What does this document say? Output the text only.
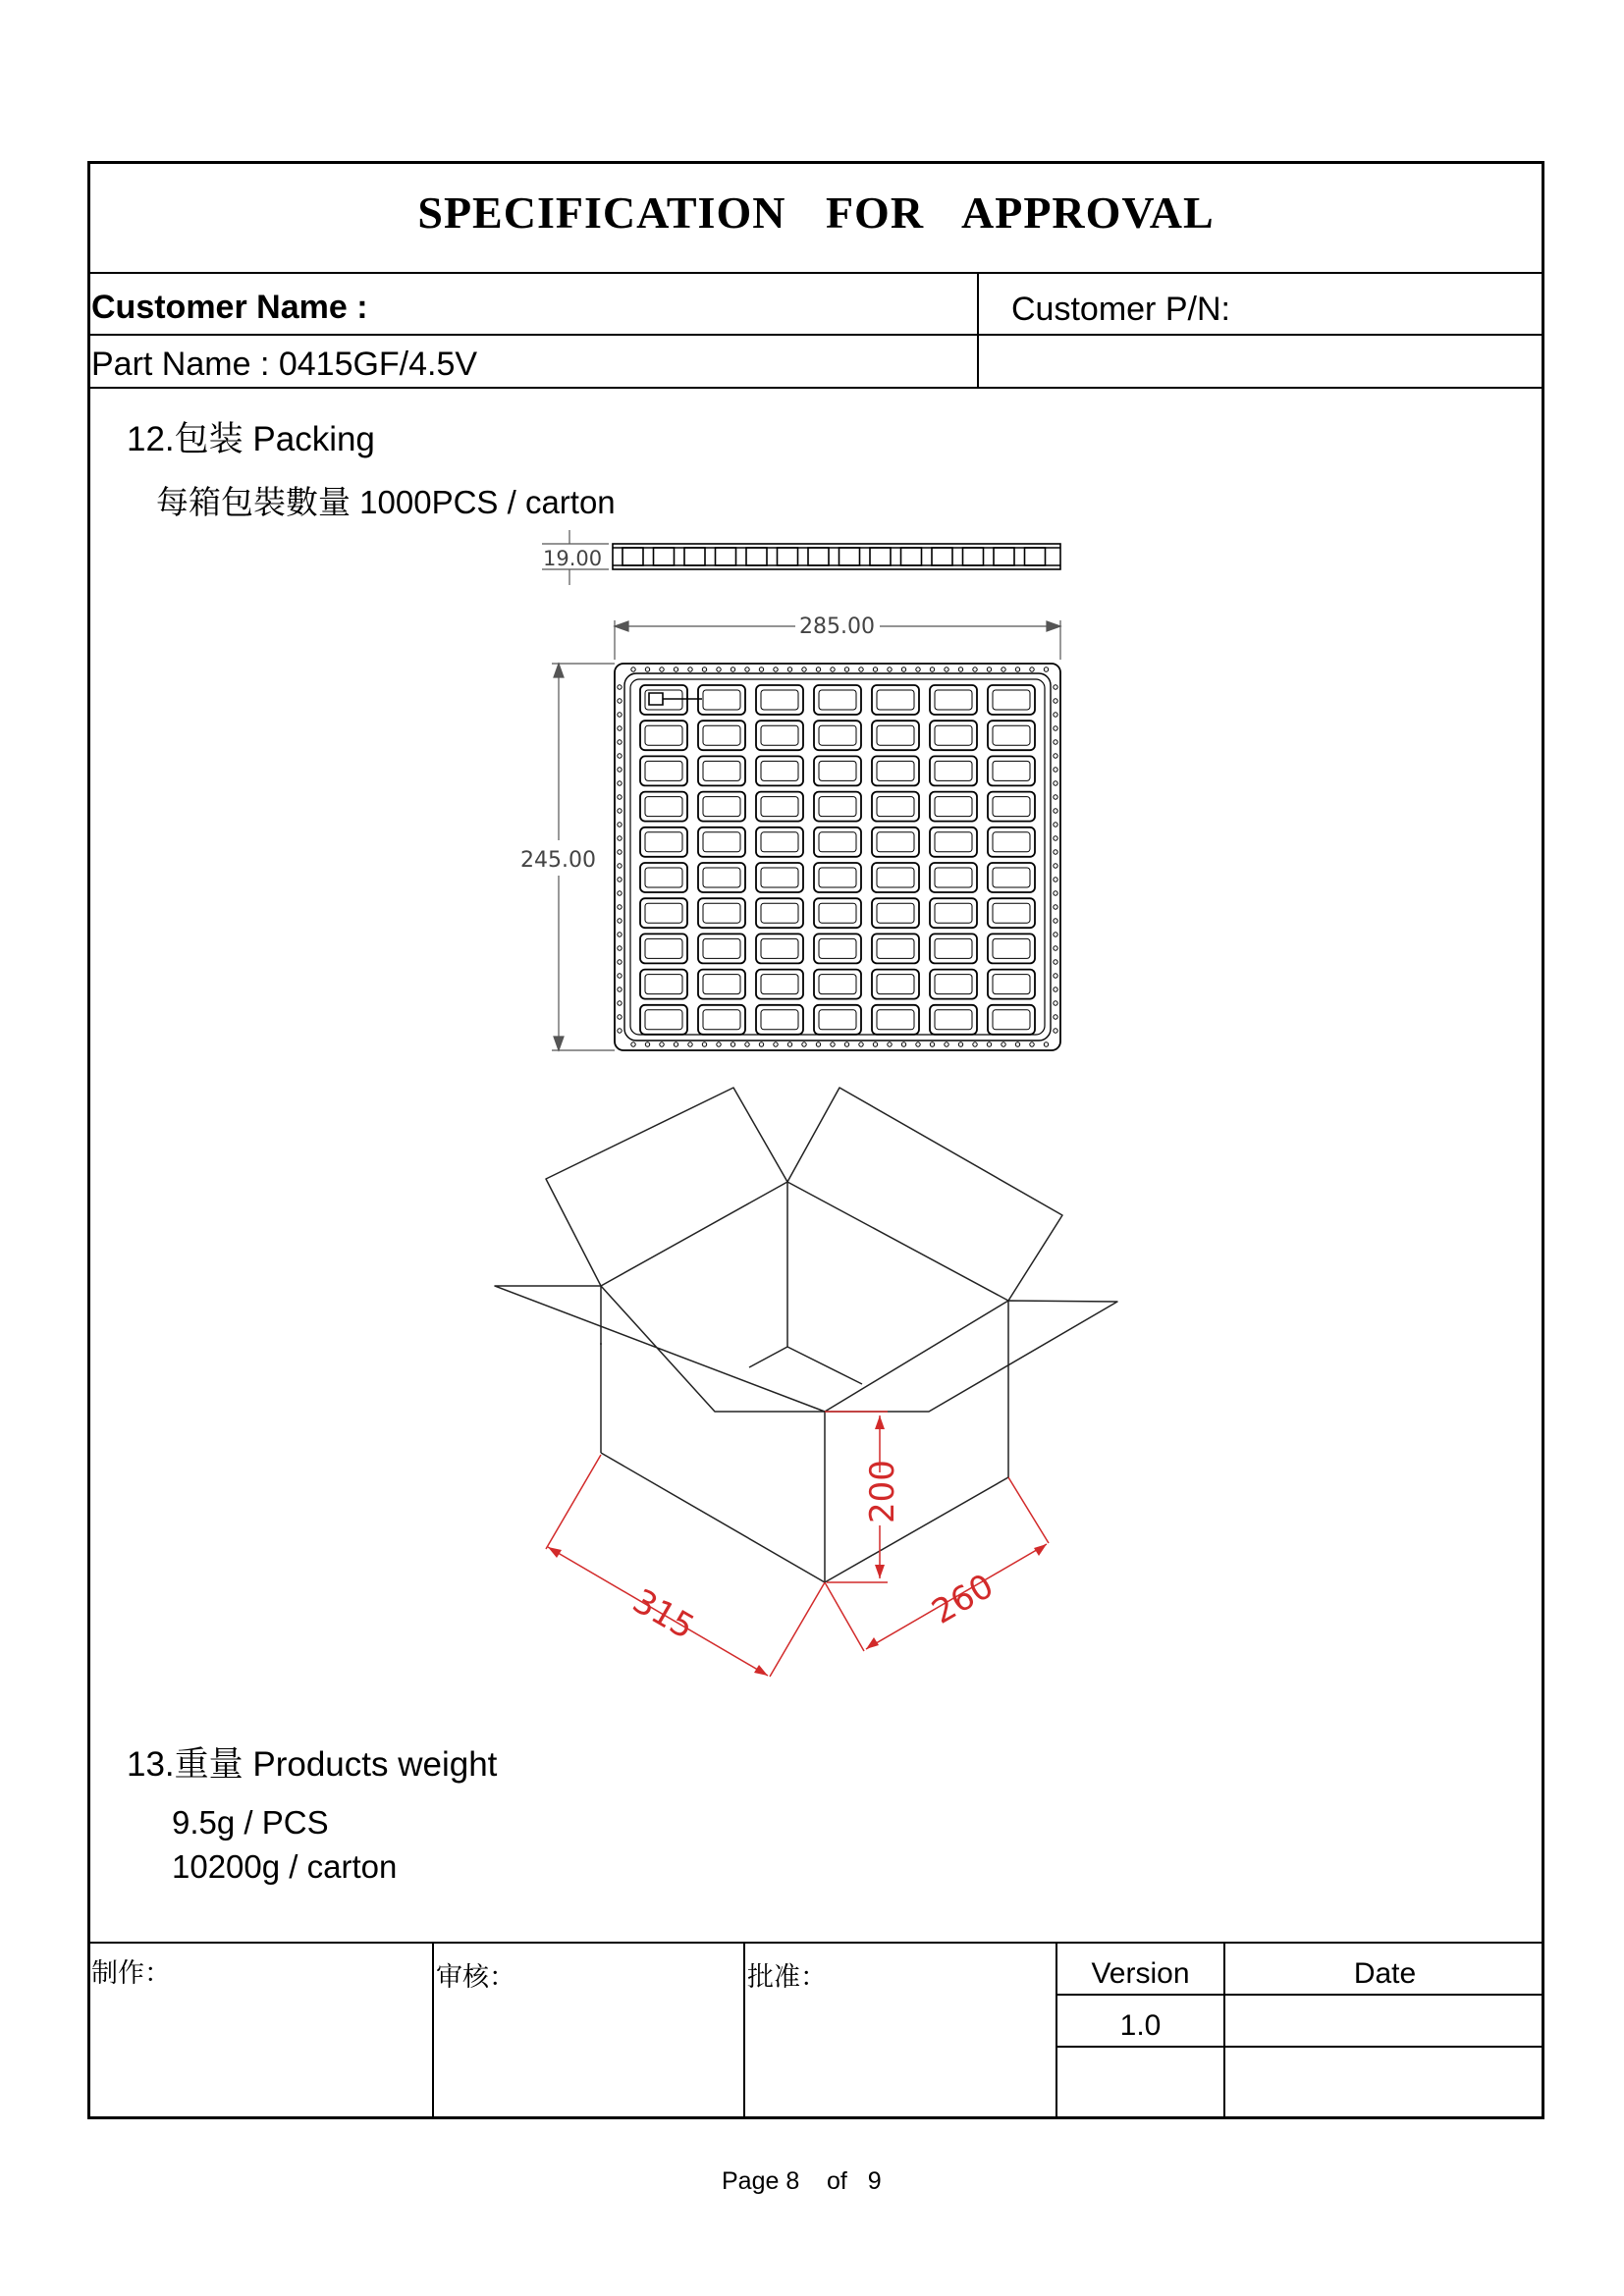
SPECIFICATION FOR APPROVAL
Customer Name :	Customer P/N:
Part Name : 0415GF/4.5V
12.包装 Packing
每箱包裝數量 1000PCS / carton
19.00
285.00
245.00
315	260
200
13.重量 Products weight
9.5g / PCS
10200g / carton
制作：	审核：	批准：	Version	Date
1.0
Page 8    of   9
